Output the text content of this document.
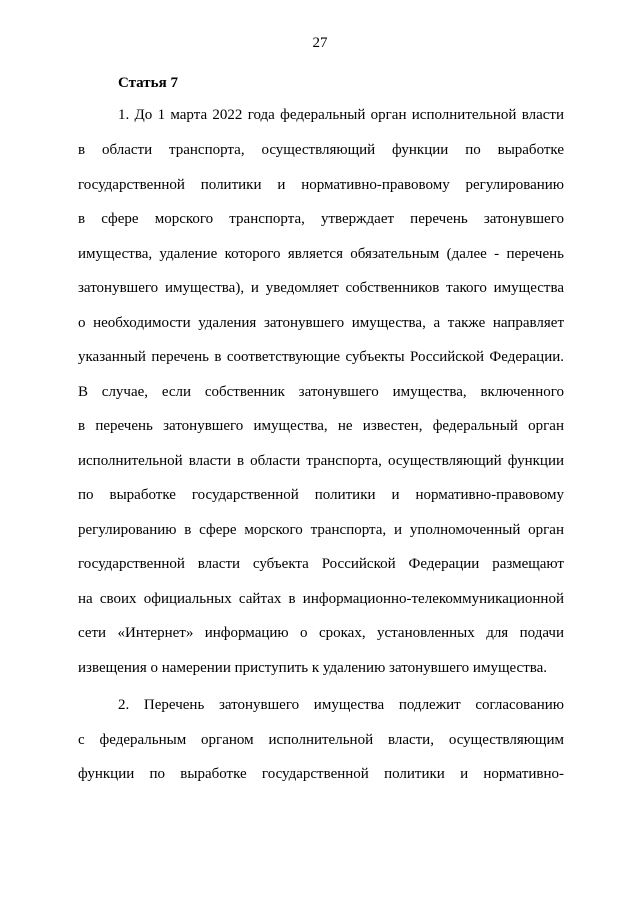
27
Статья 7
1. До 1 марта 2022 года федеральный орган исполнительной власти
в области транспорта, осуществляющий функции по выработке
государственной политики и нормативно-правовому регулированию
в сфере морского транспорта, утверждает перечень затонувшего
имущества, удаление которого является обязательным (далее - перечень
затонувшего имущества), и уведомляет собственников такого имущества
о необходимости удаления затонувшего имущества, а также направляет
указанный перечень в соответствующие субъекты Российской Федерации.
В случае, если собственник затонувшего имущества, включенного
в перечень затонувшего имущества, не известен, федеральный орган
исполнительной власти в области транспорта, осуществляющий функции
по выработке государственной политики и нормативно-правовому
регулированию в сфере морского транспорта, и уполномоченный орган
государственной власти субъекта Российской Федерации размещают
на своих официальных сайтах в информационно-телекоммуникационной
сети «Интернет» информацию о сроках, установленных для подачи
извещения о намерении приступить к удалению затонувшего имущества.
2. Перечень затонувшего имущества подлежит согласованию
с федеральным органом исполнительной власти, осуществляющим
функции по выработке государственной политики и нормативно-
